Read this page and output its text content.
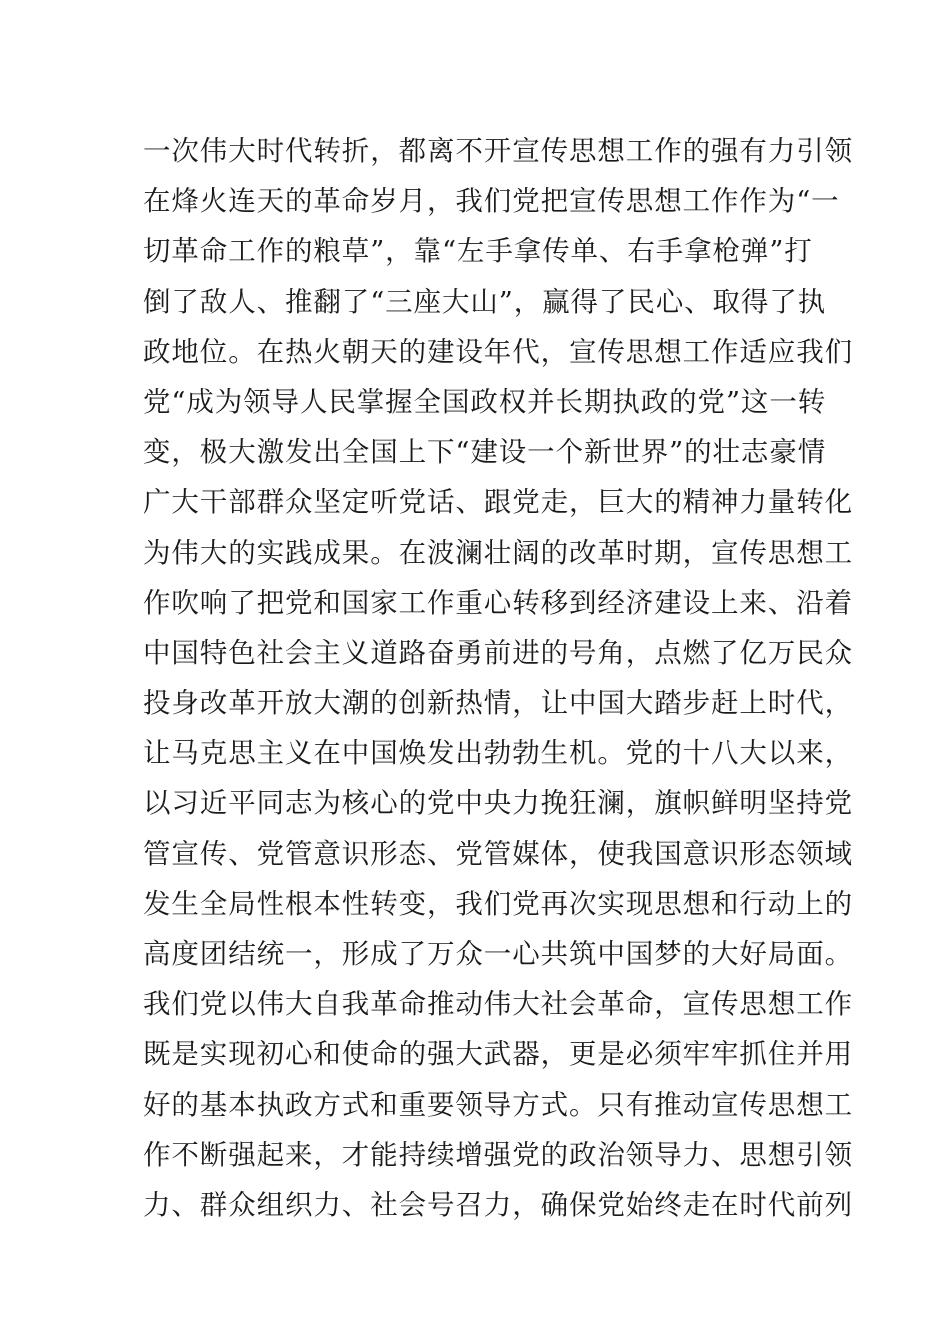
一次伟大时代转折，都离不开宣传思想工作的强有力引领
在烽火连天的革命岁月，我们党把宣传思想工作作为“一
切革命工作的粮草”，靠“左手拿传单、右手拿枪弹”打
倒了敌人、推翻了“三座大山”，赢得了民心、取得了执
政地位。在热火朝天的建设年代，宣传思想工作适应我们
党“成为领导人民掌握全国政权并长期执政的党”这一转
变，极大激发出全国上下“建设一个新世界”的壮志豪情
广大干部群众坚定听党话、跟党走，巨大的精神力量转化
为伟大的实践成果。在波澜壮阔的改革时期，宣传思想工
作吹响了把党和国家工作重心转移到经济建设上来、沿着
中国特色社会主义道路奋勇前进的号角，点燃了亿万民众
投身改革开放大潮的创新热情，让中国大踏步赶上时代，
让马克思主义在中国焕发出勃勃生机。党的十八大以来，
以习近平同志为核心的党中央力挽狂澜，旗帜鲜明坚持党
管宣传、党管意识形态、党管媒体，使我国意识形态领域
发生全局性根本性转变，我们党再次实现思想和行动上的
高度团结统一，形成了万众一心共筑中国梦的大好局面。
我们党以伟大自我革命推动伟大社会革命，宣传思想工作
既是实现初心和使命的强大武器，更是必须牢牢抓住并用
好的基本执政方式和重要领导方式。只有推动宣传思想工
作不断强起来，才能持续增强党的政治领导力、思想引领
力、群众组织力、社会号召力，确保党始终走在时代前列
